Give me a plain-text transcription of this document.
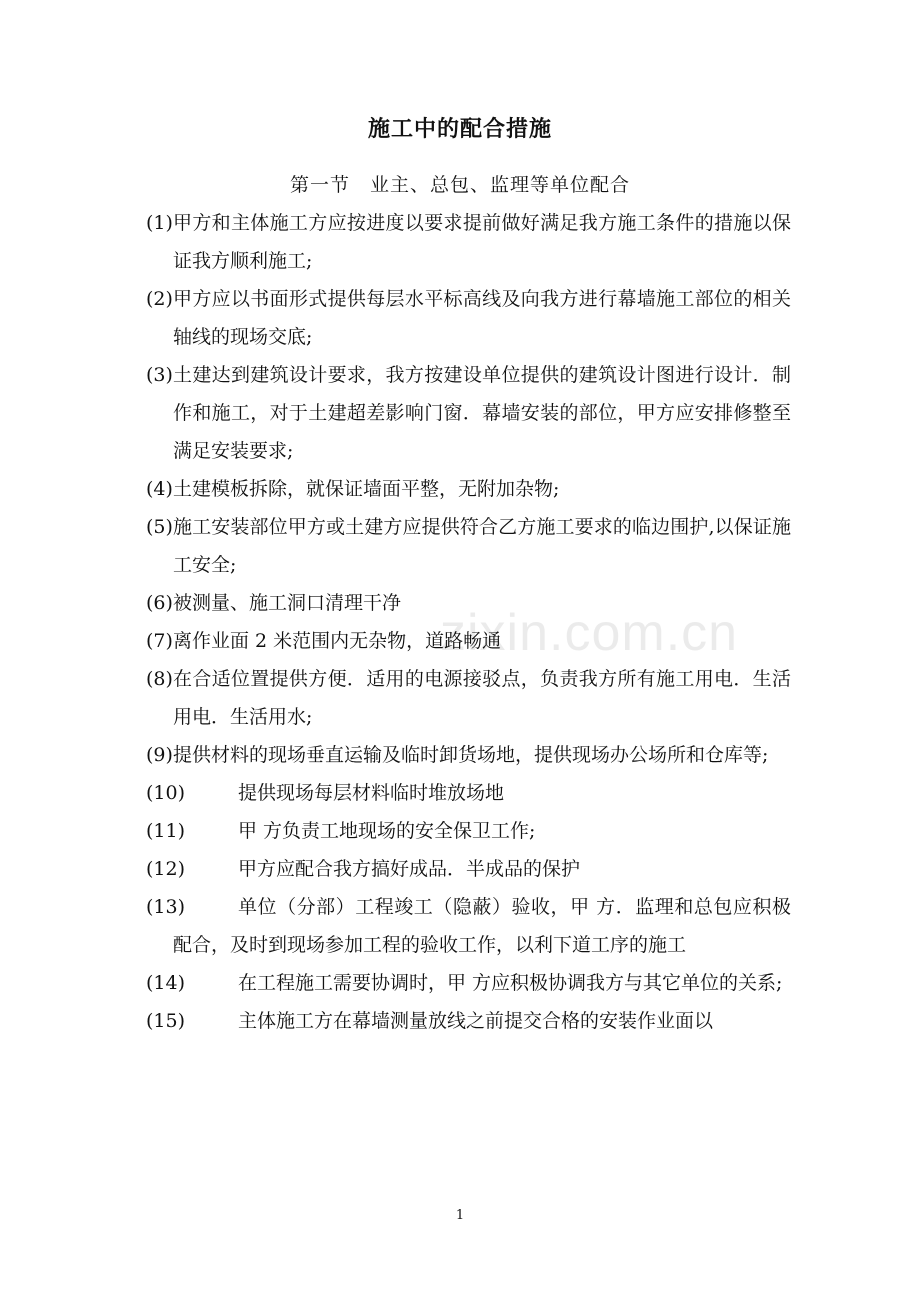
施工中的配合措施
第一节　业主、总包、监理等单位配合
(1) 甲方和主体施工方应按进度以要求提前做好满足我方施工条件的措施以保证我方顺利施工;
(2) 甲方应以书面形式提供每层水平标高线及向我方进行幕墙施工部位的相关轴线的现场交底;
(3) 土建达到建筑设计要求，我方按建设单位提供的建筑设计图进行设计．制作和施工，对于土建超差影响门窗．幕墙安装的部位，甲方应安排修整至满足安装要求;
(4) 土建模板拆除，就保证墙面平整，无附加杂物;
(5) 施工安装部位甲方或土建方应提供符合乙方施工要求的临边围护,以保证施工安全;
(6) 被测量、施工洞口清理干净
(7) 离作业面 2 米范围内无杂物，道路畅通
(8) 在合适位置提供方便．适用的电源接驳点，负责我方所有施工用电．生活用电．生活用水;
(9) 提供材料的现场垂直运输及临时卸货场地，提供现场办公场所和仓库等;
(10)	提供现场每层材料临时堆放场地
(11)	甲 方负责工地现场的安全保卫工作;
(12)	甲方应配合我方搞好成品．半成品的保护
(13)	单位（分部）工程竣工（隐蔽）验收，甲 方．监理和总包应积极配合，及时到现场参加工程的验收工作，以利下道工序的施工
(14)	在工程施工需要协调时，甲 方应积极协调我方与其它单位的关系;
(15)	主体施工方在幕墙测量放线之前提交合格的安装作业面以
zixin.com.cn
1
